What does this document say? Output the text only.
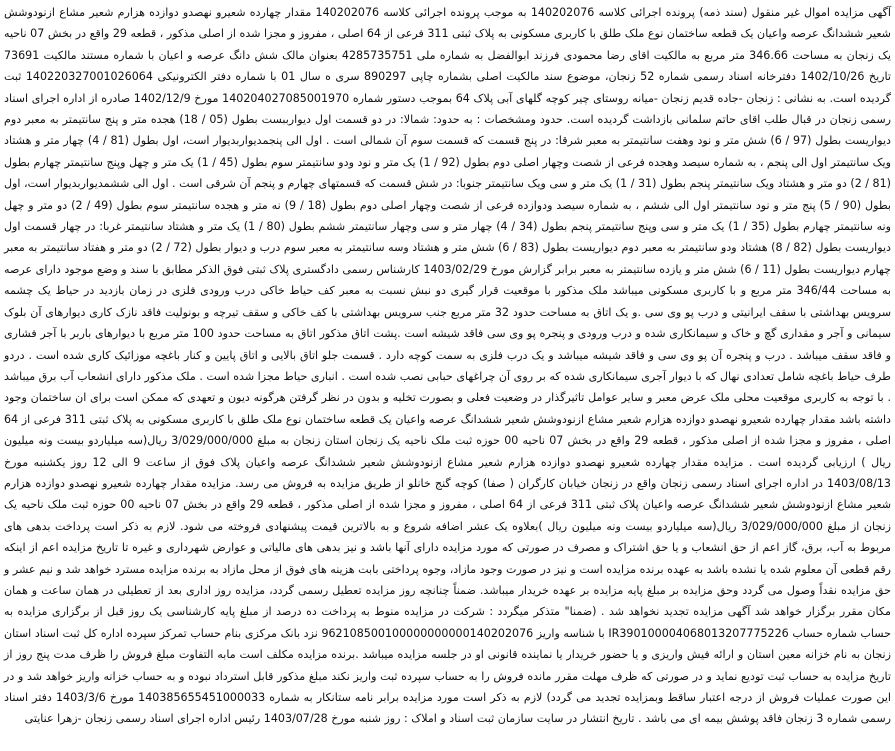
آگهی مزایده اموال غیر منقول (سند ذمه) پرونده اجرائی کلاسه 140202076 به موجب پرونده اجرائی کلاسه 140202076 مقدار چهارده شعیرو نهصدو دوازده هزارم شعیر مشاع ازنودوشش شعیر ششدانگ عرصه واعیان یک قطعه ساختمان نوع ملک طلق با کاربری مسکونی به پلاک ثبتی 311 فرعی از 64 اصلی ، مفروز و مجزا شده از اصلی مذکور ، قطعه 29 واقع در بخش 07 ناحیه یک زنجان به مساحت 346.66 متر مربع به مالکیت اقای رضا محمودی فرزند ابوالفضل به شماره ملی 4285735751 بعنوان مالک شش دانگ عرصه و اعیان با شماره مستند مالکیت 73691 تاریخ 1402/10/26 دفترخانه اسناد رسمی شماره 52 زنجان، موضوع سند مالکیت اصلی بشماره چاپی 890297 سری ه سال 01 با شماره دفتر الکترونیکی 140220327001026064 ثبت گردیده است. به نشانی : زنجان -جاده قدیم زنجان -میانه روستای چیر کوچه گلهای آبی پلاک 64 بموجب دستور شماره 140204027085001970 مورخ 1402/12/9 صادره از اداره اجرای اسناد رسمی زنجان در قبال طلب اقای حاتم سلمانی بازداشت گردیده است. حدود ومشخصات : به حدود: شمالا: در دو قسمت اول دیوارببست بطول (05 / 18) هجده متر و پنج سانتیمتر به معبر دوم دیواریست بطول (97 / 6) شش متر و نود وهفت سانتیمتر به معبر شرقا: در پنج قسمت که قسمت سوم آن شمالی است . اول الی پنجمدیواربدیوار است، اول بطول (81 / 4) چهار متر و هشتاد ویک سانتیمتر اول الی پنجم ، به شماره سیصد وهجده فرعی از شصت وچهار اصلی دوم بطول (92 / 1) یک متر و نود ودو سانتیمتر سوم بطول (45 / 1) یک متر و چهل وپنج سانتیمتر چهارم بطول (81 / 2) دو متر و هشتاد ویک سانتیمتر پنجم بطول (31 / 1) یک متر و سی ویک سانتیمتر جنوبا: در شش قسمت که قسمتهای چهارم و پنجم آن شرقی است . اول الی ششمدیواربدیوار است، اول بطول (90 / 5) پنج متر و نود سانتیمتر اول الی ششم ، به شماره سیصد ودوازده فرعی از شصت وچهار اصلی دوم بطول (18 / 9) نه متر و هجده سانتیمتر سوم بطول (49 / 2) دو متر و چهل ونه سانتیمتر چهارم بطول (35 / 1) یک متر و سی وپنج سانتیمتر پنجم بطول (34 / 4) چهار متر و سی وچهار سانتیمتر ششم بطول (80 / 1) یک متر و هشتاد سانتیمتر غربا: در چهار قسمت اول دیواریست بطول (82 / 8) هشتاد ودو سانتیمتر به معبر دوم دیواریست بطول (83 / 6) شش متر و هشتاد وسه سانتیمتر به معبر سوم درب و دیوار بطول (72 / 2) دو متر و هفتاد سانتیمتر به معبر چهارم دیواریست بطول (11 / 6) شش متر و یازده سانتیمتر به معبر برابر گزارش مورخ 1403/02/29 کارشناس رسمی دادگستری پلاک ثبتی فوق الذکر مطابق با سند و وضع موجود دارای عرصه به مساحت 346/44 متر مربع و با کاربری مسکونی میباشد ملک مذکور با موقعیت قرار گیری دو نبش نسبت به معبر کف حیاط خاکی درب ورودی فلزی در زمان بازدید در حیاط یک چشمه سرویس بهداشتی با سقف ایرانیتی و درب پو وی سی .و یک اتاق به مساحت حدود 32 متر مربع جنب سرویس بهداشتی با کف خاکی و سقف تیرچه و بونولیت فاقد نازک کاری دیوارهای آن بلوک سیمانی و آجر و مقداری گچ و خاک و سیمانکاری شده و درب ورودی و پنجره پو وی سی فاقد شیشه است .پشت اتاق مذکور اتاق به مساحت حدود 100 متر مربع با دیوارهای باربر با آجر فشاری و فاقد سقف میباشد . درب و پنجره آن پو وی سی و فاقد شیشه میباشد و یک درب فلزی به سمت کوچه دارد . قسمت جلو اتاق بالایی و اتاق پایین و کنار باغچه موزائیک کاری شده است . دردو طرف حیاط باغچه شامل تعدادی نهال که با دیوار آجری سیمانکاری شده که بر روی آن چراغهای حبابی نصب شده است . انباری حیاط مجزا شده است . ملک مذکور دارای انشعاب آب برق میباشد . با توجه به کاربری موقعیت محلی ملک عرض معبر و سایر عوامل تاثیرگذار در وضعیت فعلی و بصورت تخلیه و بدون در نظر گرفتن هرگونه دیون و تعهدی که ممکن است برای ان ساختمان وجود داشته باشد مقدار چهارده شعیرو نهصدو دوازده هزارم شعیر مشاع ازنودوشش شعیر ششدانگ عرصه واعیان یک قطعه ساختمان نوع ملک طلق با کاربری مسکونی به پلاک ثبتی 311 فرعی از 64 اصلی ، مفروز و مجزا شده از اصلی مذکور ، قطعه 29 واقع در بخش 07 ناحیه 00 حوزه ثبت ملک ناحیه یک زنجان استان زنجان به مبلغ 3/029/000/000 ریال(سه میلیاردو بیست ونه میلیون ریال ) ارزیابی گردیده است . مزایده مقدار چهارده شعیرو نهصدو دوازده هزارم شعیر مشاع ازنودوشش شعیر ششدانگ عرصه واعیان پلاک فوق از ساعت 9 الی 12 روز یکشنبه مورخ 1403/08/13 در اداره اجرای اسناد رسمی زنجان واقع در زنجان خیابان کارگران ( صفا) کوچه گنج خانلو از طریق مزایده به فروش می رسد. مزایده مقدار چهارده شعیرو نهصدو دوازده هزارم شعیر مشاع ازنودوشش شعیر ششدانگ عرصه واعیان پلاک ثبتی 311 فرعی از 64 اصلی ، مفروز و مجزا شده از اصلی مذکور ، قطعه 29 واقع در بخش 07 ناحیه 00 حوزه ثبت ملک ناحیه یک زنجان از مبلغ 3/029/000/000 ریال(سه میلیاردو بیست ونه میلیون ریال )بعلاوه یک عشر اضافه شروع و به بالاترین قیمت پیشنهادی فروخته می شود. لازم به ذکر است پرداخت بدهی های مربوط به آب، برق، گاز اعم از حق انشعاب و یا حق اشتراک و مصرف در صورتی که مورد مزایده دارای آنها باشد و نیز بدهی های مالیاتی و عوارض شهرداری و غیره تا تاریخ مزایده اعم از اینکه رقم قطعی آن معلوم شده یا نشده باشد به عهده برنده مزایده است و نیز در صورت وجود مازاد، وجوه پرداختی بابت هزینه های فوق از محل مازاد به برنده مزایده مسترد خواهد شد و نیم عشر و حق مزایده نقداً وصول می گردد وحق مزایده بر مبلغ پایه مزایده بر عهده خریدار میباشد. ضمناً چنانچه روز مزایده تعطیل رسمی گردد، مزایده روز اداری بعد از تعطیلی در همان ساعت و همان مکان مقرر برگزار خواهد شد آگهی مزایده تجدید نخواهد شد . (ضمنا" متذکر میگردد : شرکت در مزایده منوط به پرداخت ده درصد از مبلغ پایه کارشناسی یک روز قبل از برگزاری مزایده به حساب شماره حساب IR390100004068013207775226 با شناسه واریز 962108500100000000000140202076 نزد بانک مرکزی بنام حساب تمرکز سپرده اداره کل ثبت اسناد استان زنجان به نام خزانه معین استان و ارائه فیش واریزی و یا حضور خریدار یا نماینده قانونی او در جلسه مزایده میباشد .برنده مزایده مکلف است مابه التفاوت مبلغ فروش را ظرف مدت پنج روز از تاریخ مزایده به حساب ثبت تودیع نماید و در صورتی که ظرف مهلت مقرر مانده فروش را به حساب سپرده ثبت واریز نکند مبلغ مذکور قابل استرداد نبوده و به حساب خزانه واریز خواهد شد و در این صورت عملیات فروش از درجه اعتبار ساقط وبمزایده تجدید می گردد) لازم به ذکر است مورد مزایده برابر نامه ستانکار به شماره 140385655451000033 مورخ 1403/3/6 دفتر اسناد رسمی شماره 3 زنجان فاقد پوشش بیمه ای می باشد . تاریخ انتشار در سایت سازمان ثبت اسناد و املاک : روز شنبه مورخ 1403/07/28 رئیس اداره اجرای اسناد رسمی زنجان -زهرا عنایتی
